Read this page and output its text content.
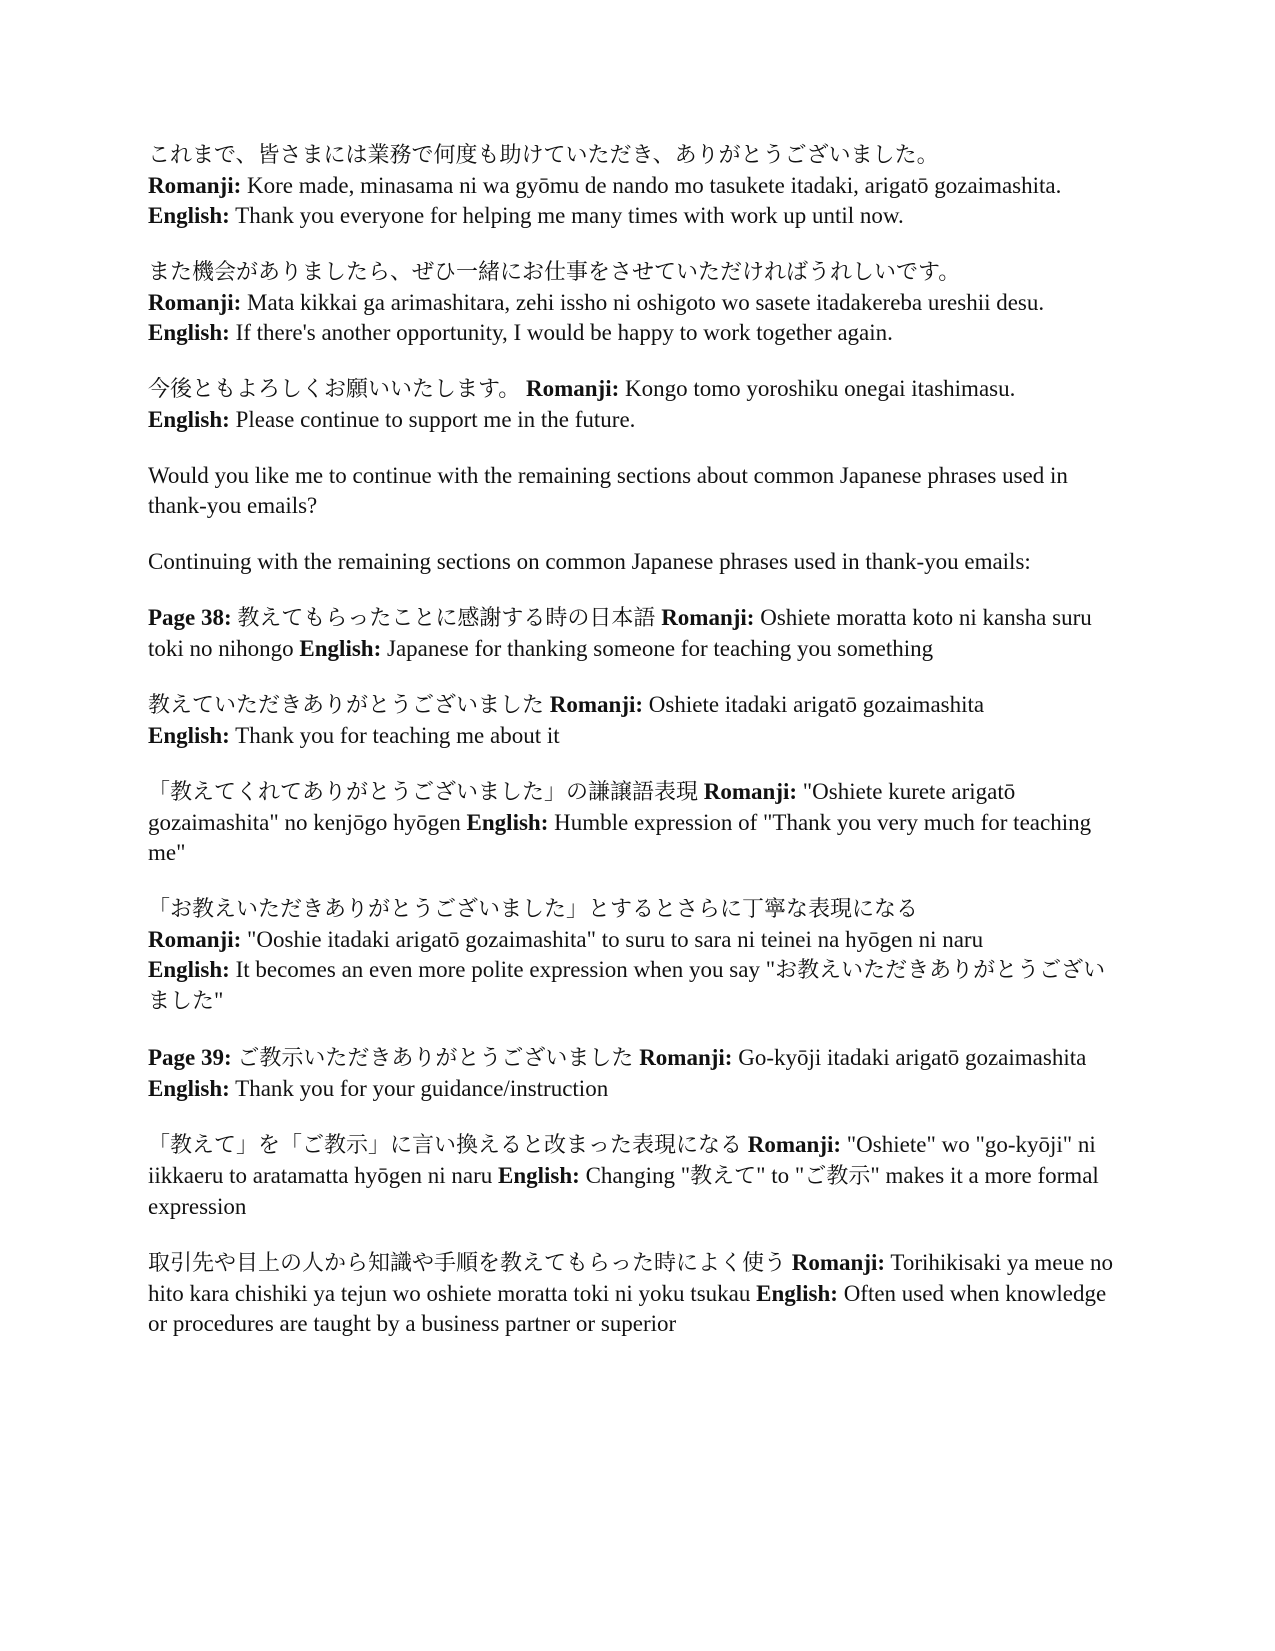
これまで、皆さまには業務で何度も助けていただき、ありがとうございました。
Romanji: Kore made, minasama ni wa gyōmu de nando mo tasukete itadaki, arigatō gozaimashita. English: Thank you everyone for helping me many times with work up until now.

また機会がありましたら、ぜひ一緒にお仕事をさせていただければうれしいです。
Romanji: Mata kikkai ga arimashitara, zehi issho ni oshigoto wo sasete itadakereba ureshii desu.
English: If there's another opportunity, I would be happy to work together again.

今後ともよろしくお願いいたします。 Romanji: Kongo tomo yoroshiku onegai itashimasu.
English: Please continue to support me in the future.

Would you like me to continue with the remaining sections about common Japanese phrases used in thank-you emails?

Continuing with the remaining sections on common Japanese phrases used in thank-you emails:

Page 38: 教えてもらったことに感謝する時の日本語 Romanji: Oshiete moratta koto ni kansha suru toki no nihongo English: Japanese for thanking someone for teaching you something

教えていただきありがとうございました Romanji: Oshiete itadaki arigatō gozaimashita
English: Thank you for teaching me about it

「教えてくれてありがとうございました」の謙譲語表現 Romanji: "Oshiete kurete arigatō gozaimashita" no kenjōgo hyōgen English: Humble expression of "Thank you very much for teaching me"

「お教えいただきありがとうございました」とするとさらに丁寧な表現になる
Romanji: "Ooshie itadaki arigatō gozaimashita" to suru to sara ni teinei na hyōgen ni naru
English: It becomes an even more polite expression when you say "お教えいただきありがとうございました"

Page 39: ご教示いただきありがとうございました Romanji: Go-kyōji itadaki arigatō gozaimashita English: Thank you for your guidance/instruction

「教えて」を「ご教示」に言い換えると改まった表現になる Romanji: "Oshiete" wo "go-kyōji" ni iikkaeru to aratamatta hyōgen ni naru English: Changing "教えて" to "ご教示" makes it a more formal expression

取引先や目上の人から知識や手順を教えてもらった時によく使う Romanji: Torihikisaki ya meue no hito kara chishiki ya tejun wo oshiete moratta toki ni yoku tsukau English: Often used when knowledge or procedures are taught by a business partner or superior
